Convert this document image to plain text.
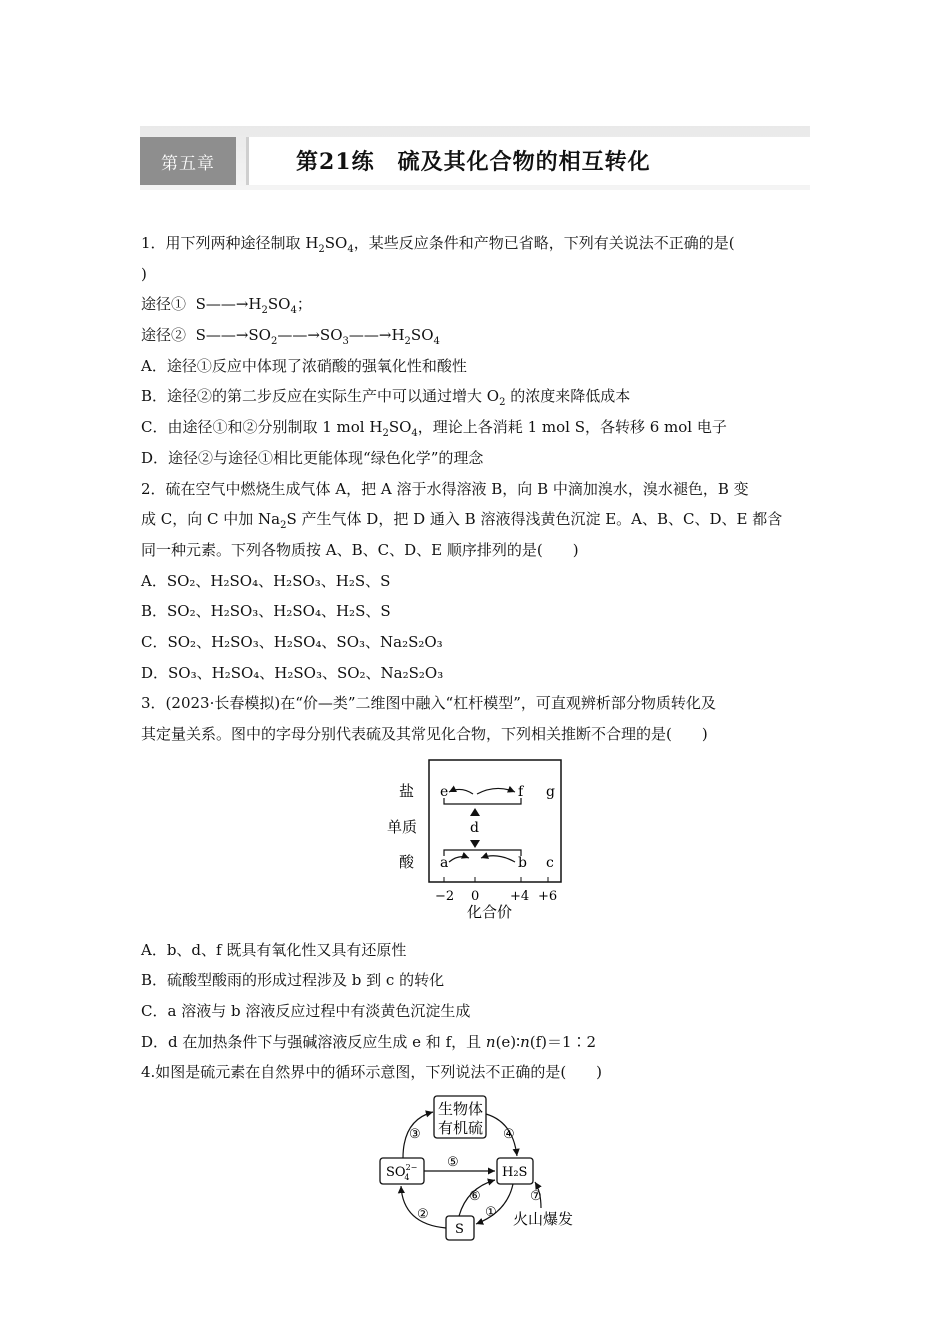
第五章	第21练　硫及其化合物的相互转化
1．用下列两种途径制取 $H_2SO_4$，某些反应条件和产物已省略，下列有关说法不正确的是(
)
途径① $S——\to H_2SO_4$；
途径② $S——\to SO_2——\to SO_3——\to H_2SO_4$
A．途径①反应中体现了浓硝酸的强氧化性和酸性
B．途径②的第二步反应在实际生产中可以通过增大 $O_2$ 的浓度来降低成本
C．由途径①和②分别制取 1 mol $H_2SO_4$，理论上各消耗 1 mol S，各转移 6 mol 电子
D．途径②与途径①相比更能体现“绿色化学”的理念
2．硫在空气中燃烧生成气体 A，把 A 溶于水得溶液 B，向 B 中滴加溴水，溴水褪色，B 变
成 C，向 C 中加 $Na_2S$ 产生气体 D，把 D 通入 B 溶液得浅黄色沉淀 E。A、B、C、D、E 都含
同一种元素。下列各物质按 A、B、C、D、E 顺序排列的是(　　)
A．SO₂、H₂SO₄、H₂SO₃、H₂S、S
B．SO₂、H₂SO₃、H₂SO₄、H₂S、S
C．SO₂、H₂SO₃、H₂SO₄、SO₃、Na₂S₂O₃
D．SO₃、H₂SO₄、H₂SO₃、SO₂、Na₂S₂O₃
3．(2023·长春模拟)在“价—类”二维图中融入“杠杆模型”，可直观辨析部分物质转化及
其定量关系。图中的字母分别代表硫及其常见化合物，下列相关推断不合理的是(　　)
盐
单质
酸
e	f g
d
a	b c
−2 0 +4 +6
化合价
A．b、d、f 既具有氧化性又具有还原性
B．硫酸型酸雨的形成过程涉及 b 到 c 的转化
C．a 溶液与 b 溶液反应过程中有淡黄色沉淀生成
D．d 在加热条件下与强碱溶液反应生成 e 和 f，且 n(e)∶n(f)＝1∶2
4.如图是硫元素在自然界中的循环示意图，下列说法不正确的是(　　)
生物体
有机硫
$SO^{2-}$ 4	H₂S
S
③	④
⑤
②
⑥
①
⑦
火山爆发
